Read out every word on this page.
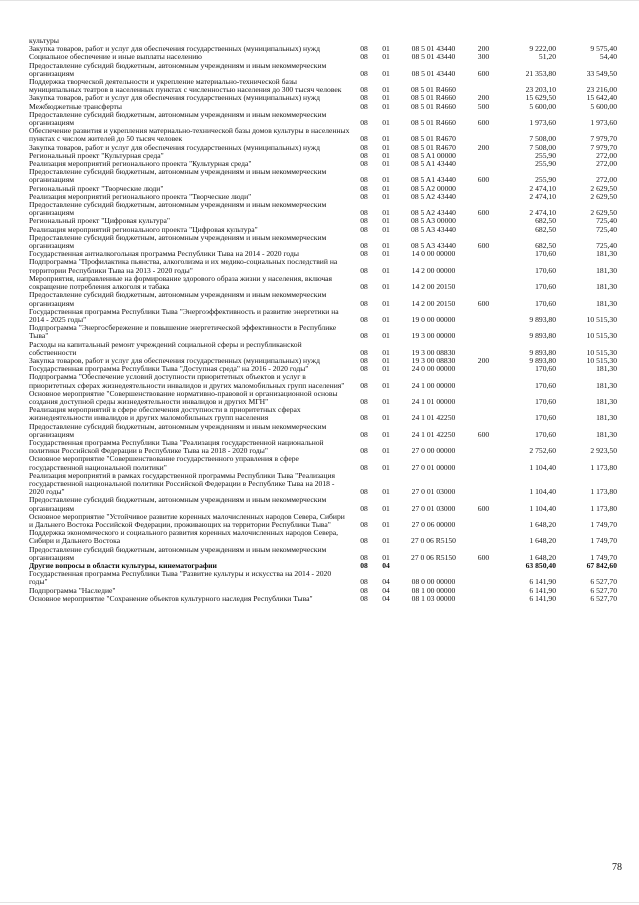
культуры						
Закупка товаров, работ и услуг для обеспечения государственных (муниципальных) нужд	08	01	08 5 01 43440	200	9 222,00	9 575,40
Социальное обеспечение и иные выплаты населению	08	01	08 5 01 43440	300	51,20	54,40
Предоставление субсидий бюджетным, автономным учреждениям и иным некоммерческим организациям	08	01	08 5 01 43440	600	21 353,80	33 549,50
Поддержка творческой деятельности и укрепление материально-технической базы муниципальных театров в населенных пунктах с численностью населения до 300 тысяч человек	08	01	08 5 01 R4660		23 203,10	23 216,00
Закупка товаров, работ и услуг для обеспечения государственных (муниципальных) нужд	08	01	08 5 01 R4660	200	15 629,50	15 642,40
Межбюджетные трансферты	08	01	08 5 01 R4660	500	5 600,00	5 600,00
Предоставление субсидий бюджетным, автономным учреждениям и иным некоммерческим организациям	08	01	08 5 01 R4660	600	1 973,60	1 973,60
Обеспечение развития и укрепления материально-технической базы домов культуры в населенных пунктах с числом жителей до 50 тысяч человек	08	01	08 5 01 R4670		7 508,00	7 979,70
Закупка товаров, работ и услуг для обеспечения государственных (муниципальных) нужд	08	01	08 5 01 R4670	200	7 508,00	7 979,70
Региональный проект "Культурная среда"	08	01	08 5 A1 00000		255,90	272,00
Реализация мероприятий регионального проекта "Культурная среда"	08	01	08 5 A1 43440		255,90	272,00
Предоставление субсидий бюджетным, автономным учреждениям и иным некоммерческим организациям	08	01	08 5 A1 43440	600	255,90	272,00
Региональный проект "Творческие люди"	08	01	08 5 A2 00000		2 474,10	2 629,50
Реализация мероприятий регионального проекта "Творческие люди"	08	01	08 5 A2 43440		2 474,10	2 629,50
Предоставление субсидий бюджетным, автономным учреждениям и иным некоммерческим организациям	08	01	08 5 A2 43440	600	2 474,10	2 629,50
Региональный проект "Цифровая культура"	08	01	08 5 A3 00000		682,50	725,40
Реализация мероприятий регионального проекта "Цифровая культура"	08	01	08 5 A3 43440		682,50	725,40
Предоставление субсидий бюджетным, автономным учреждениям и иным некоммерческим организациям	08	01	08 5 A3 43440	600	682,50	725,40
Государственная антиалкогольная программа Республики Тыва на 2014 - 2020 годы	08	01	14 0 00 00000		170,60	181,30
Подпрограмма "Профилактика пьянства, алкоголизма и их медико-социальных последствий на территории Республики Тыва на 2013 - 2020 годы"	08	01	14 2 00 00000		170,60	181,30
Мероприятия, направленные на формирование здорового образа жизни у населения, включая сокращение потребления алкоголя и табака	08	01	14 2 00 20150		170,60	181,30
Предоставление субсидий бюджетным, автономным учреждениям и иным некоммерческим организациям	08	01	14 2 00 20150	600	170,60	181,30
Государственная программа Республики Тыва "Энергоэффективность и развитие энергетики на 2014 - 2025 годы"	08	01	19 0 00 00000		9 893,80	10 515,30
Подпрограмма "Энергосбережение и повышение энергетической эффективности в Республике Тыва"	08	01	19 3 00 00000		9 893,80	10 515,30
Расходы на капитальный ремонт учреждений социальной сферы и республиканской собственности	08	01	19 3 00 08830		9 893,80	10 515,30
Закупка товаров, работ и услуг для обеспечения государственных (муниципальных) нужд	08	01	19 3 00 08830	200	9 893,80	10 515,30
Государственная программа Республики Тыва "Доступная среда" на 2016 - 2020 годы"	08	01	24 0 00 00000		170,60	181,30
Подпрограмма "Обеспечение условий доступности приоритетных объектов и услуг в приоритетных сферах жизнедеятельности инвалидов и других маломобильных групп населения"	08	01	24 1 00 00000		170,60	181,30
Основное мероприятие "Совершенствование нормативно-правовой и организационной основы создания доступной среды жизнедеятельности инвалидов и других МГН"	08	01	24 1 01 00000		170,60	181,30
Реализация мероприятий в сфере обеспечения доступности в приоритетных сферах жизнедеятельности инвалидов и других маломобильных групп населения	08	01	24 1 01 42250		170,60	181,30
Предоставление субсидий бюджетным, автономным учреждениям и иным некоммерческим организациям	08	01	24 1 01 42250	600	170,60	181,30
Государственная программа Республики Тыва "Реализация государственной национальной политики Российской Федерации в Республике Тыва на 2018 - 2020 годы"	08	01	27 0 00 00000		2 752,60	2 923,50
Основное мероприятие "Совершенствование государственного управления в сфере государственной национальной политики"	08	01	27 0 01 00000		1 104,40	1 173,80
Реализация мероприятий в рамках государственной программы Республики Тыва "Реализация государственной национальной политики Российской Федерации в Республике Тыва на 2018 - 2020 годы"	08	01	27 0 01 03000		1 104,40	1 173,80
Предоставление субсидий бюджетным, автономным учреждениям и иным некоммерческим организациям	08	01	27 0 01 03000	600	1 104,40	1 173,80
Основное мероприятие "Устойчивое развитие коренных малочисленных народов Севера, Сибири и Дальнего Востока Российской Федерации, проживающих на территории Республики Тыва"	08	01	27 0 06 00000		1 648,20	1 749,70
Поддержка экономического и социального развития коренных малочисленных народов Севера, Сибири и Дальнего Востока	08	01	27 0 06 R5150		1 648,20	1 749,70
Предоставление субсидий бюджетным, автономным учреждениям и иным некоммерческим организациям	08	01	27 0 06 R5150	600	1 648,20	1 749,70
Другие вопросы в области культуры, кинематографии	08	04			63 850,40	67 842,60
Государственная программа Республики Тыва "Развитие культуры и искусства на 2014 - 2020 годы"	08	04	08 0 00 00000		6 141,90	6 527,70
Подпрограмма "Наследие"	08	04	08 1 00 00000		6 141,90	6 527,70
Основное мероприятие "Сохранение объектов культурного наследия Республики Тыва"	08	04	08 1 03 00000		6 141,90	6 527,70
78
